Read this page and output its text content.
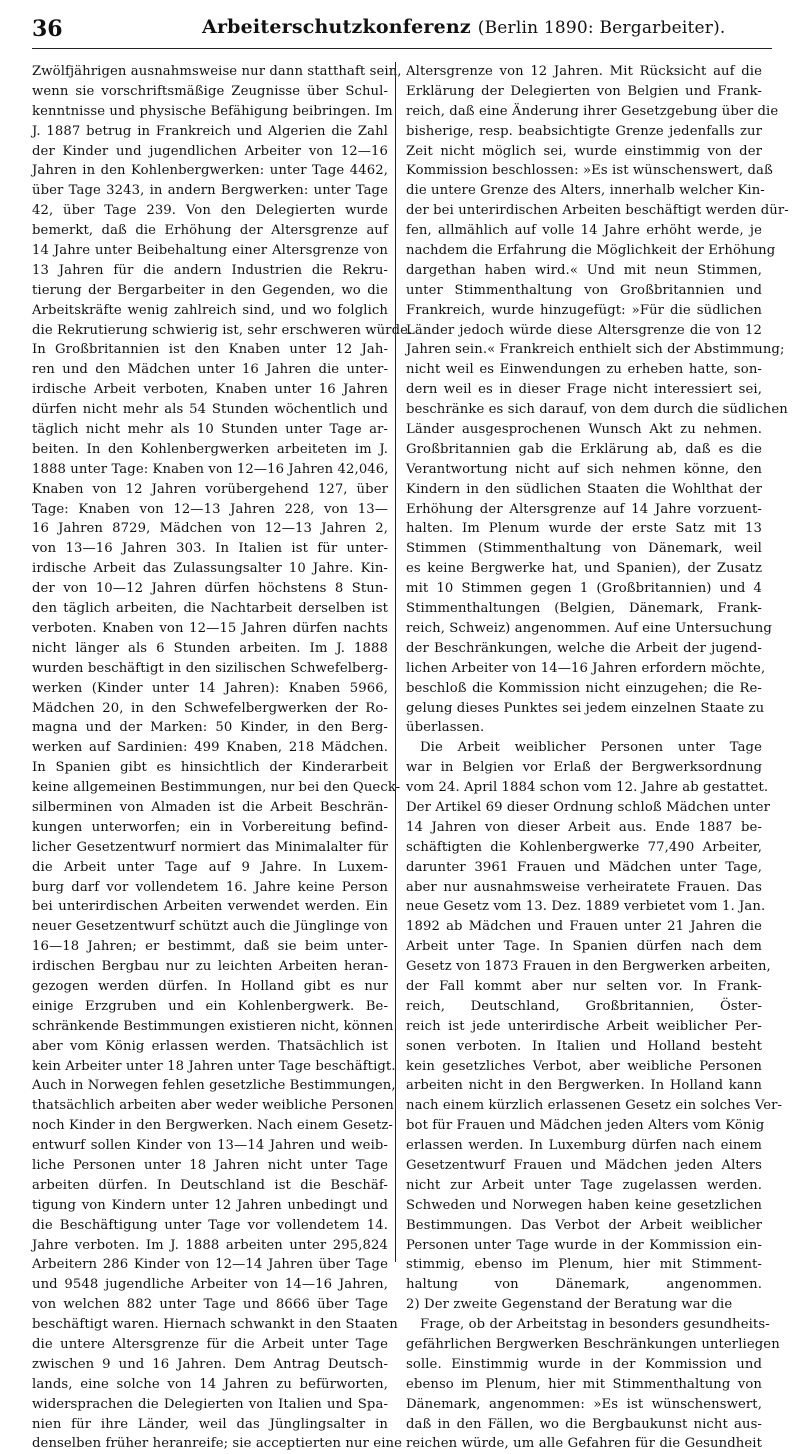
36	Arbeiterschutzkonferenz (Berlin 1890: Bergarbeiter).
Zwölfjährigen ausnahmsweise nur dann statthaft sein,
wenn sie vorschriftsmäßige Zeugnisse über Schul-
kenntnisse und physische Befähigung beibringen. Im
J. 1887 betrug in Frankreich und Algerien die Zahl
der Kinder und jugendlichen Arbeiter von 12—16
Jahren in den Kohlenbergwerken: unter Tage 4462,
über Tage 3243, in andern Bergwerken: unter Tage
42, über Tage 239. Von den Delegierten wurde
bemerkt, daß die Erhöhung der Altersgrenze auf
14 Jahre unter Beibehaltung einer Altersgrenze von
13 Jahren für die andern Industrien die Rekru-
tierung der Bergarbeiter in den Gegenden, wo die
Arbeitskräfte wenig zahlreich sind, und wo folglich
die Rekrutierung schwierig ist, sehr erschweren würde.
In Großbritannien ist den Knaben unter 12 Jah-
ren und den Mädchen unter 16 Jahren die unter-
irdische Arbeit verboten, Knaben unter 16 Jahren
dürfen nicht mehr als 54 Stunden wöchentlich und
täglich nicht mehr als 10 Stunden unter Tage ar-
beiten. In den Kohlenbergwerken arbeiteten im J.
1888 unter Tage: Knaben von 12—16 Jahren 42,046,
Knaben von 12 Jahren vorübergehend 127, über
Tage: Knaben von 12—13 Jahren 228, von 13—
16 Jahren 8729, Mädchen von 12—13 Jahren 2,
von 13—16 Jahren 303. In Italien ist für unter-
irdische Arbeit das Zulassungsalter 10 Jahre. Kin-
der von 10—12 Jahren dürfen höchstens 8 Stun-
den täglich arbeiten, die Nachtarbeit derselben ist
verboten. Knaben von 12—15 Jahren dürfen nachts
nicht länger als 6 Stunden arbeiten. Im J. 1888
wurden beschäftigt in den sizilischen Schwefelberg-
werken (Kinder unter 14 Jahren): Knaben 5966,
Mädchen 20, in den Schwefelbergwerken der Ro-
magna und der Marken: 50 Kinder, in den Berg-
werken auf Sardinien: 499 Knaben, 218 Mädchen.
In Spanien gibt es hinsichtlich der Kinderarbeit
keine allgemeinen Bestimmungen, nur bei den Queck-
silberminen von Almaden ist die Arbeit Beschrän-
kungen unterworfen; ein in Vorbereitung befind-
licher Gesetzentwurf normiert das Minimalalter für
die Arbeit unter Tage auf 9 Jahre. In Luxem-
burg darf vor vollendetem 16. Jahre keine Person
bei unterirdischen Arbeiten verwendet werden. Ein
neuer Gesetzentwurf schützt auch die Jünglinge von
16—18 Jahren; er bestimmt, daß sie beim unter-
irdischen Bergbau nur zu leichten Arbeiten heran-
gezogen werden dürfen. In Holland gibt es nur
einige Erzgruben und ein Kohlenbergwerk. Be-
schränkende Bestimmungen existieren nicht, können
aber vom König erlassen werden. Thatsächlich ist
kein Arbeiter unter 18 Jahren unter Tage beschäftigt.
Auch in Norwegen fehlen gesetzliche Bestimmungen,
thatsächlich arbeiten aber weder weibliche Personen
noch Kinder in den Bergwerken. Nach einem Gesetz-
entwurf sollen Kinder von 13—14 Jahren und weib-
liche Personen unter 18 Jahren nicht unter Tage
arbeiten dürfen. In Deutschland ist die Beschäf-
tigung von Kindern unter 12 Jahren unbedingt und
die Beschäftigung unter Tage vor vollendetem 14.
Jahre verboten. Im J. 1888 arbeiten unter 295,824
Arbeitern 286 Kinder von 12—14 Jahren über Tage
und 9548 jugendliche Arbeiter von 14—16 Jahren,
von welchen 882 unter Tage und 8666 über Tage
beschäftigt waren. Hiernach schwankt in den Staaten
die untere Altersgrenze für die Arbeit unter Tage
zwischen 9 und 16 Jahren. Dem Antrag Deutsch-
lands, eine solche von 14 Jahren zu befürworten,
widersprachen die Delegierten von Italien und Spa-
nien für ihre Länder, weil das Jünglingsalter in
denselben früher heranreife; sie acceptierten nur eine
Altersgrenze von 12 Jahren. Mit Rücksicht auf die
Erklärung der Delegierten von Belgien und Frank-
reich, daß eine Änderung ihrer Gesetzgebung über die
bisherige, resp. beabsichtigte Grenze jedenfalls zur
Zeit nicht möglich sei, wurde einstimmig von der
Kommission beschlossen: »Es ist wünschenswert, daß
die untere Grenze des Alters, innerhalb welcher Kin-
der bei unterirdischen Arbeiten beschäftigt werden dür-
fen, allmählich auf volle 14 Jahre erhöht werde, je
nachdem die Erfahrung die Möglichkeit der Erhöhung
dargethan haben wird.« Und mit neun Stimmen,
unter Stimmenthaltung von Großbritannien und
Frankreich, wurde hinzugefügt: »Für die südlichen
Länder jedoch würde diese Altersgrenze die von 12
Jahren sein.« Frankreich enthielt sich der Abstimmung;
nicht weil es Einwendungen zu erheben hatte, son-
dern weil es in dieser Frage nicht interessiert sei,
beschränke es sich darauf, von dem durch die südlichen
Länder ausgesprochenen Wunsch Akt zu nehmen.
Großbritannien gab die Erklärung ab, daß es die
Verantwortung nicht auf sich nehmen könne, den
Kindern in den südlichen Staaten die Wohlthat der
Erhöhung der Altersgrenze auf 14 Jahre vorzuent-
halten. Im Plenum wurde der erste Satz mit 13
Stimmen (Stimmenthaltung von Dänemark, weil
es keine Bergwerke hat, und Spanien), der Zusatz
mit 10 Stimmen gegen 1 (Großbritannien) und 4
Stimmenthaltungen (Belgien, Dänemark, Frank-
reich, Schweiz) angenommen. Auf eine Untersuchung
der Beschränkungen, welche die Arbeit der jugend-
lichen Arbeiter von 14—16 Jahren erfordern möchte,
beschloß die Kommission nicht einzugehen; die Re-
gelung dieses Punktes sei jedem einzelnen Staate zu
überlassen.
Die Arbeit weiblicher Personen unter Tage
war in Belgien vor Erlaß der Bergwerksordnung
vom 24. April 1884 schon vom 12. Jahre ab gestattet.
Der Artikel 69 dieser Ordnung schloß Mädchen unter
14 Jahren von dieser Arbeit aus. Ende 1887 be-
schäftigten die Kohlenbergwerke 77,490 Arbeiter,
darunter 3961 Frauen und Mädchen unter Tage,
aber nur ausnahmsweise verheiratete Frauen. Das
neue Gesetz vom 13. Dez. 1889 verbietet vom 1. Jan.
1892 ab Mädchen und Frauen unter 21 Jahren die
Arbeit unter Tage. In Spanien dürfen nach dem
Gesetz von 1873 Frauen in den Bergwerken arbeiten,
der Fall kommt aber nur selten vor. In Frank-
reich, Deutschland, Großbritannien, Öster-
reich ist jede unterirdische Arbeit weiblicher Per-
sonen verboten. In Italien und Holland besteht
kein gesetzliches Verbot, aber weibliche Personen
arbeiten nicht in den Bergwerken. In Holland kann
nach einem kürzlich erlassenen Gesetz ein solches Ver-
bot für Frauen und Mädchen jeden Alters vom König
erlassen werden. In Luxemburg dürfen nach einem
Gesetzentwurf Frauen und Mädchen jeden Alters
nicht zur Arbeit unter Tage zugelassen werden.
Schweden und Norwegen haben keine gesetzlichen
Bestimmungen. Das Verbot der Arbeit weiblicher
Personen unter Tage wurde in der Kommission ein-
stimmig, ebenso im Plenum, hier mit Stimment-
haltung von Dänemark, angenommen.
2) Der zweite Gegenstand der Beratung war die
Frage, ob der Arbeitstag in besonders gesundheits-
gefährlichen Bergwerken Beschränkungen unterliegen
solle. Einstimmig wurde in der Kommission und
ebenso im Plenum, hier mit Stimmenthaltung von
Dänemark, angenommen: »Es ist wünschenswert,
daß in den Fällen, wo die Bergbaukunst nicht aus-
reichen würde, um alle Gefahren für die Gesundheit
